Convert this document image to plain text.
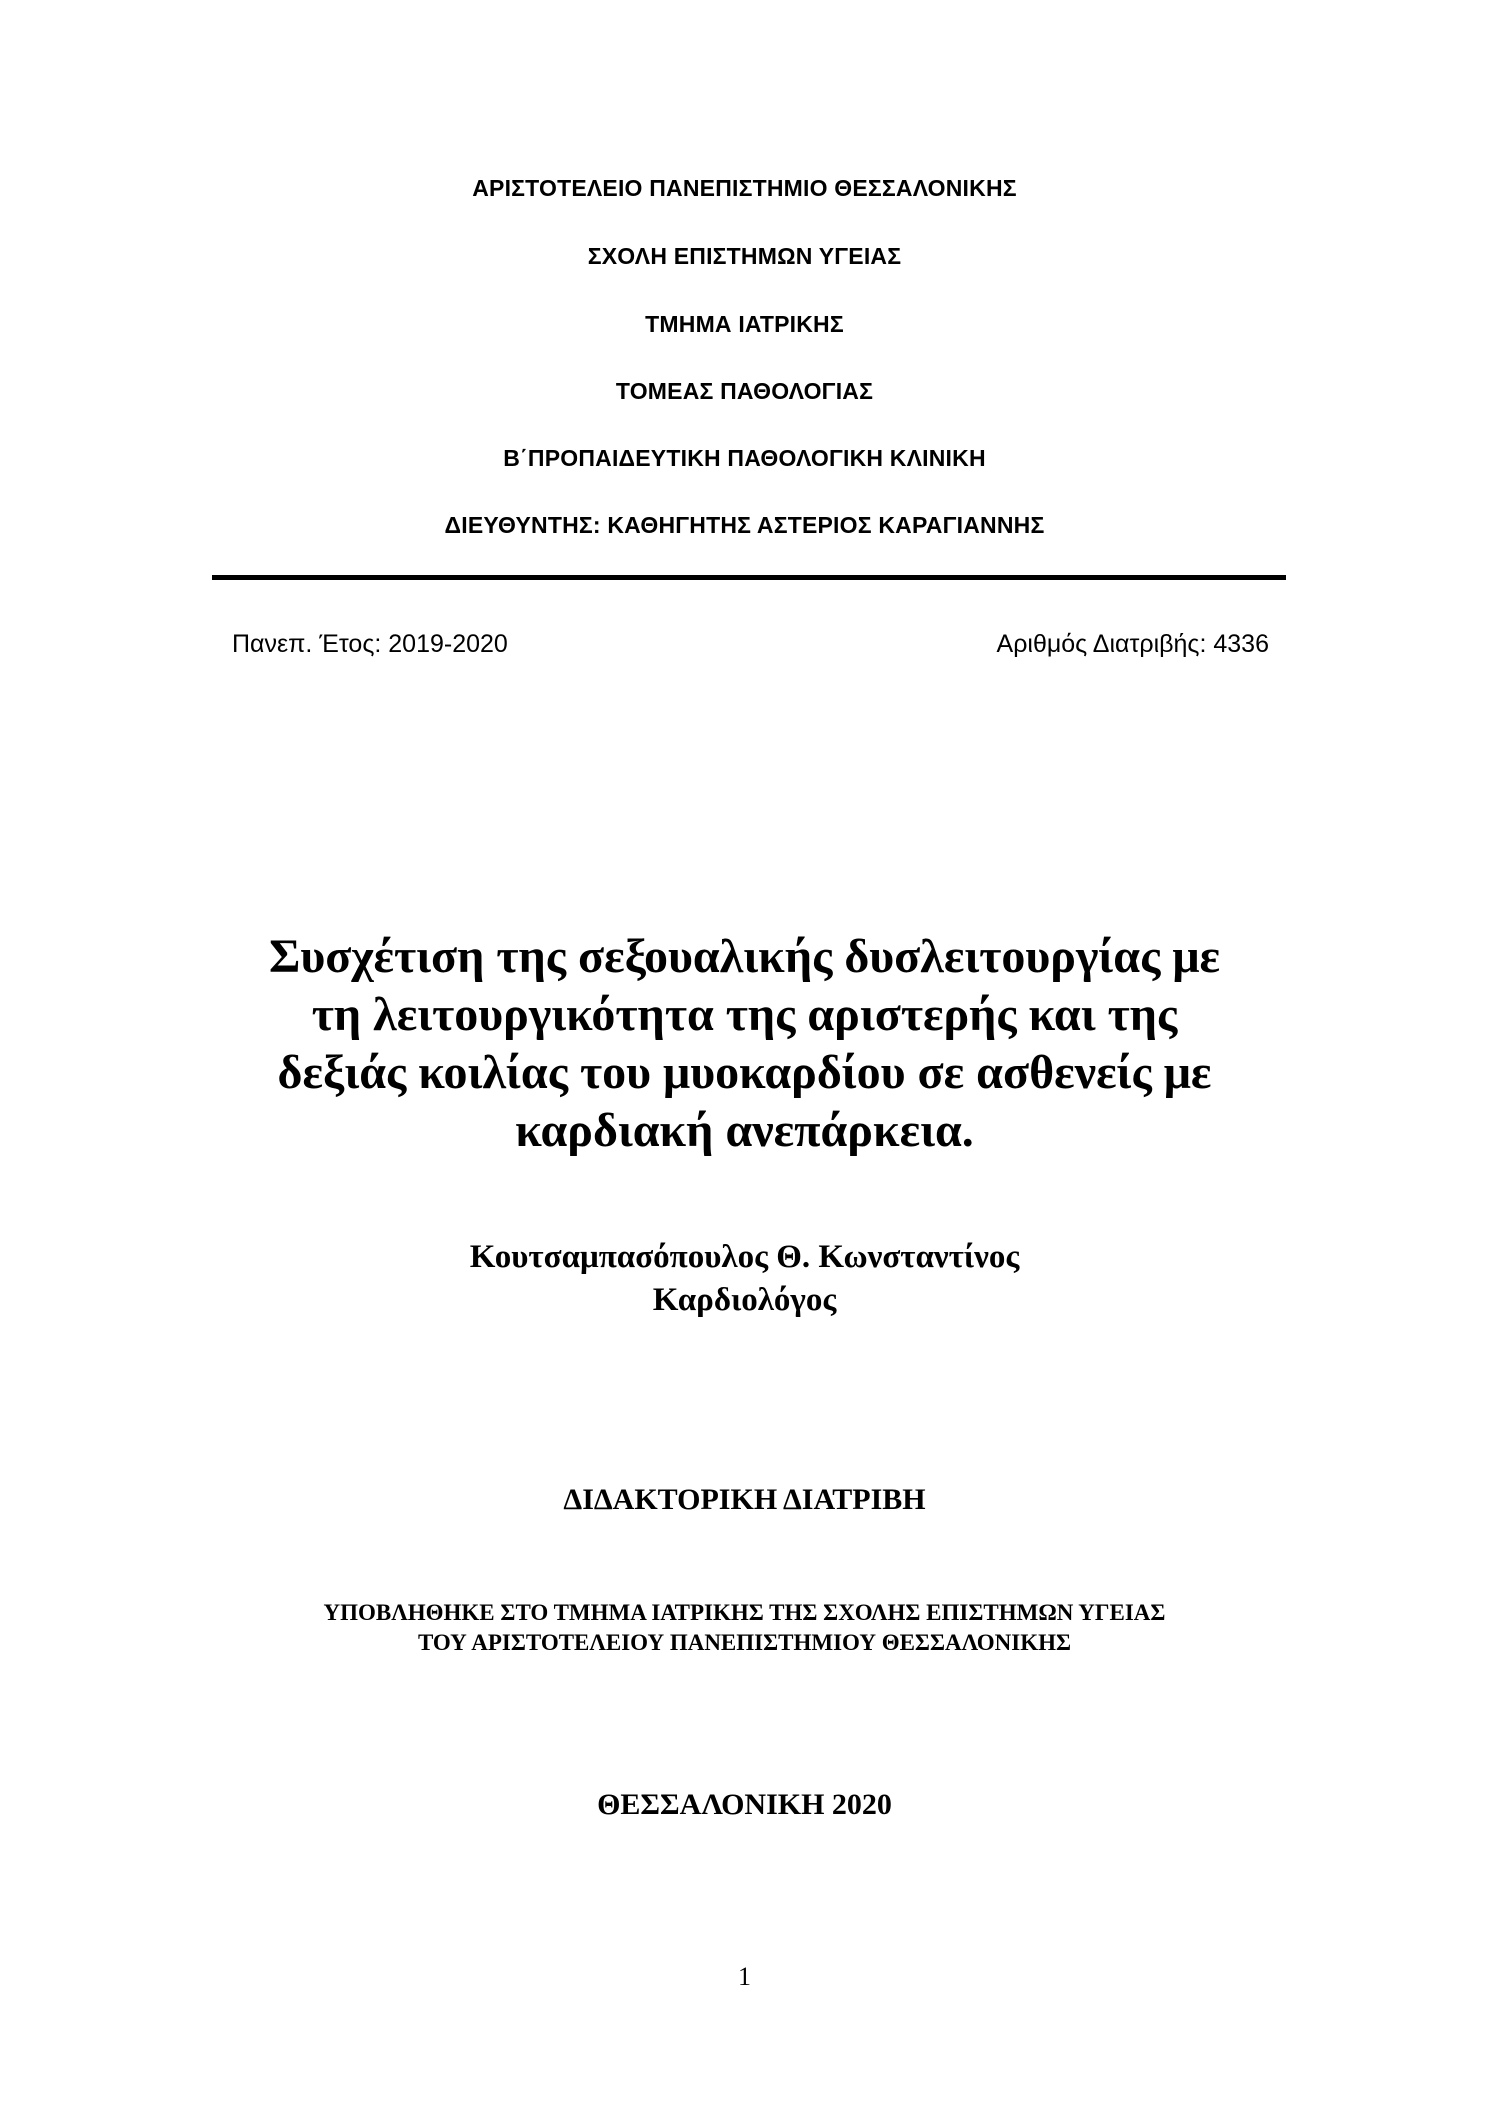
ΑΡΙΣΤΟΤΕΛΕΙΟ ΠΑΝΕΠΙΣΤΗΜΙΟ ΘΕΣΣΑΛΟΝΙΚΗΣ
ΣΧΟΛΗ ΕΠΙΣΤΗΜΩΝ ΥΓΕΙΑΣ
ΤΜΗΜΑ ΙΑΤΡΙΚΗΣ
ΤΟΜΕΑΣ ΠΑΘΟΛΟΓΙΑΣ
Β΄ΠΡΟΠΑΙΔΕΥΤΙΚΗ ΠΑΘΟΛΟΓΙΚΗ ΚΛΙΝΙΚΗ
ΔΙΕΥΘΥΝΤΗΣ: ΚΑΘΗΓΗΤΗΣ ΑΣΤΕΡΙΟΣ ΚΑΡΑΓΙΑΝΝΗΣ
Πανεπ. Έτος: 2019-2020	Αριθμός Διατριβής: 4336
Συσχέτιση της σεξουαλικής δυσλειτουργίας με
τη λειτουργικότητα της αριστερής και της
δεξιάς κοιλίας του μυοκαρδίου σε ασθενείς με
καρδιακή ανεπάρκεια.
Κουτσαμπασόπουλος Θ. Κωνσταντίνος
Καρδιολόγος
ΔΙΔΑΚΤΟΡΙΚΗ ΔΙΑΤΡΙΒΗ
ΥΠΟΒΛΗΘΗΚΕ ΣΤΟ ΤΜΗΜΑ ΙΑΤΡΙΚΗΣ ΤΗΣ ΣΧΟΛΗΣ ΕΠΙΣΤΗΜΩΝ ΥΓΕΙΑΣ
ΤΟΥ ΑΡΙΣΤΟΤΕΛΕΙΟΥ ΠΑΝΕΠΙΣΤΗΜΙΟΥ ΘΕΣΣΑΛΟΝΙΚΗΣ
ΘΕΣΣΑΛΟΝΙΚΗ 2020
1
